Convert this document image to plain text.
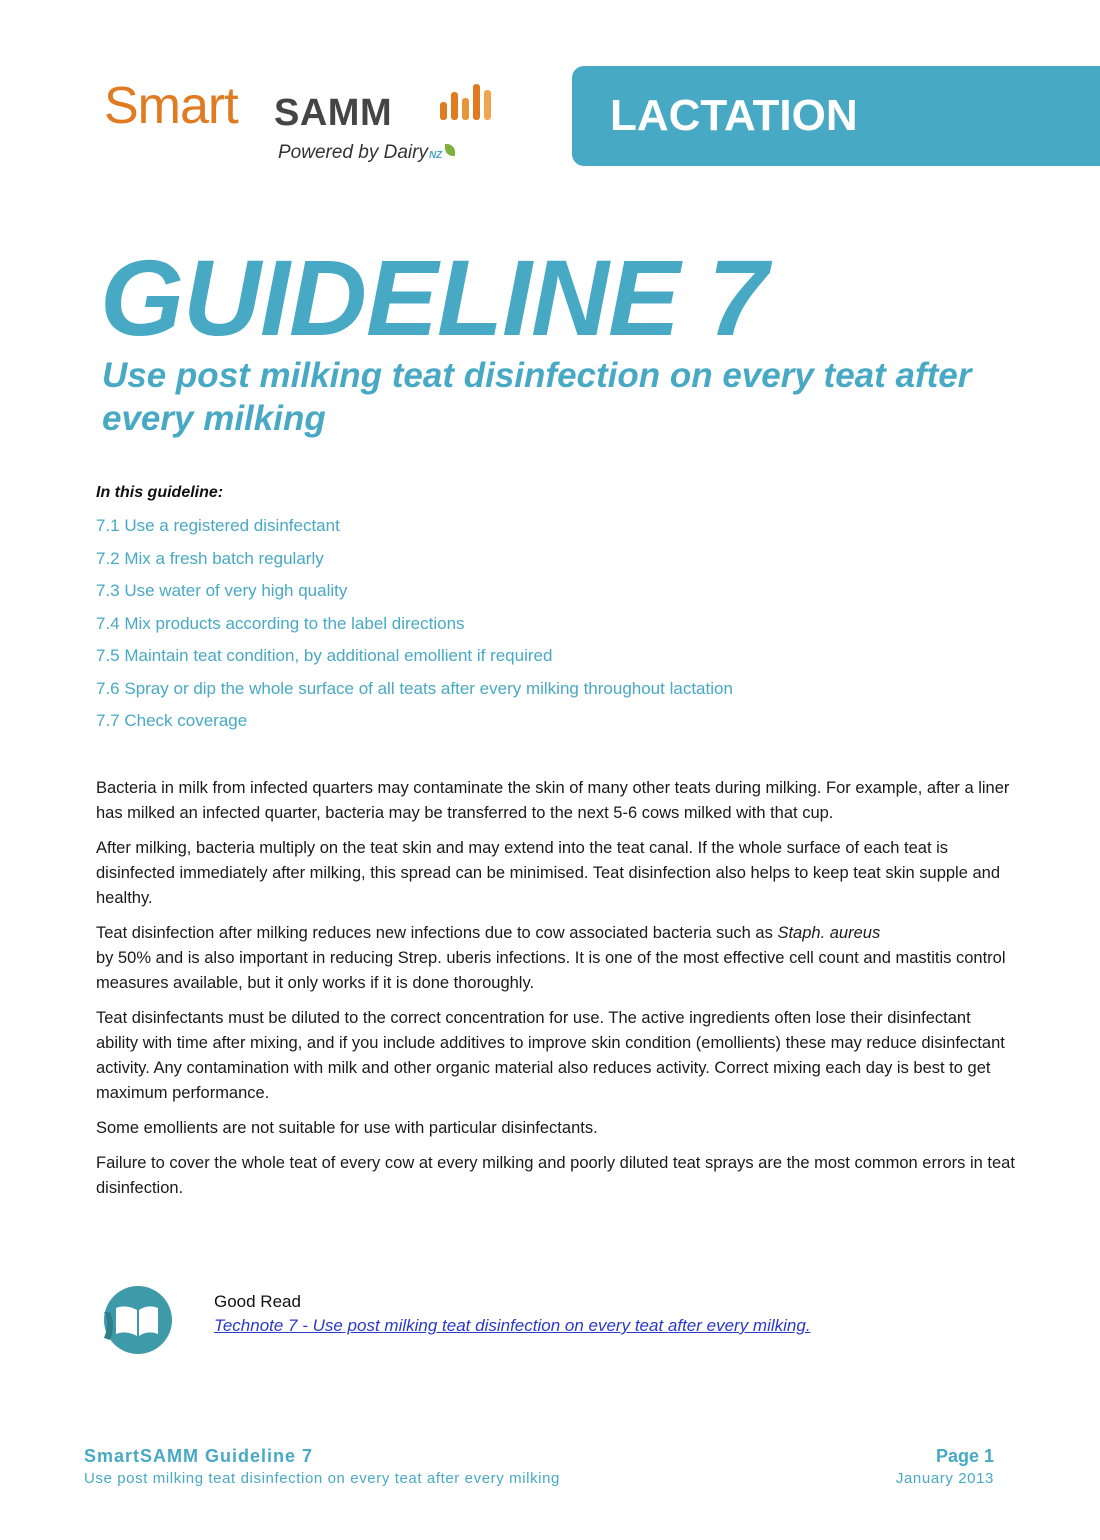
Smart SAMM
Powered by DairyNZ
LACTATION
GUIDELINE 7
Use post milking teat disinfection on every teat after every milking
In this guideline:
7.1 Use a registered disinfectant
7.2 Mix a fresh batch regularly
7.3 Use water of very high quality
7.4 Mix products according to the label directions
7.5 Maintain teat condition, by additional emollient if required
7.6 Spray or dip the whole surface of all teats after every milking throughout lactation
7.7 Check coverage

Bacteria in milk from infected quarters may contaminate the skin of many other teats during milking. For example, after a liner has milked an infected quarter, bacteria may be transferred to the next 5-6 cows milked with that cup.

After milking, bacteria multiply on the teat skin and may extend into the teat canal. If the whole surface of each teat is disinfected immediately after milking, this spread can be minimised. Teat disinfection also helps to keep teat skin supple and healthy.

Teat disinfection after milking reduces new infections due to cow associated bacteria such as Staph. aureus
by 50% and is also important in reducing Strep. uberis infections. It is one of the most effective cell count and mastitis control measures available, but it only works if it is done thoroughly.

Teat disinfectants must be diluted to the correct concentration for use. The active ingredients often lose their disinfectant ability with time after mixing, and if you include additives to improve skin condition (emollients) these may reduce disinfectant activity. Any contamination with milk and other organic material also reduces activity. Correct mixing each day is best to get maximum performance.

Some emollients are not suitable for use with particular disinfectants.

Failure to cover the whole teat of every cow at every milking and poorly diluted teat sprays are the most common errors in teat disinfection.

Good Read
Technote 7 - Use post milking teat disinfection on every teat after every milking.
SmartSAMM Guideline 7
Use post milking teat disinfection on every teat after every milking
Page 1
January 2013
